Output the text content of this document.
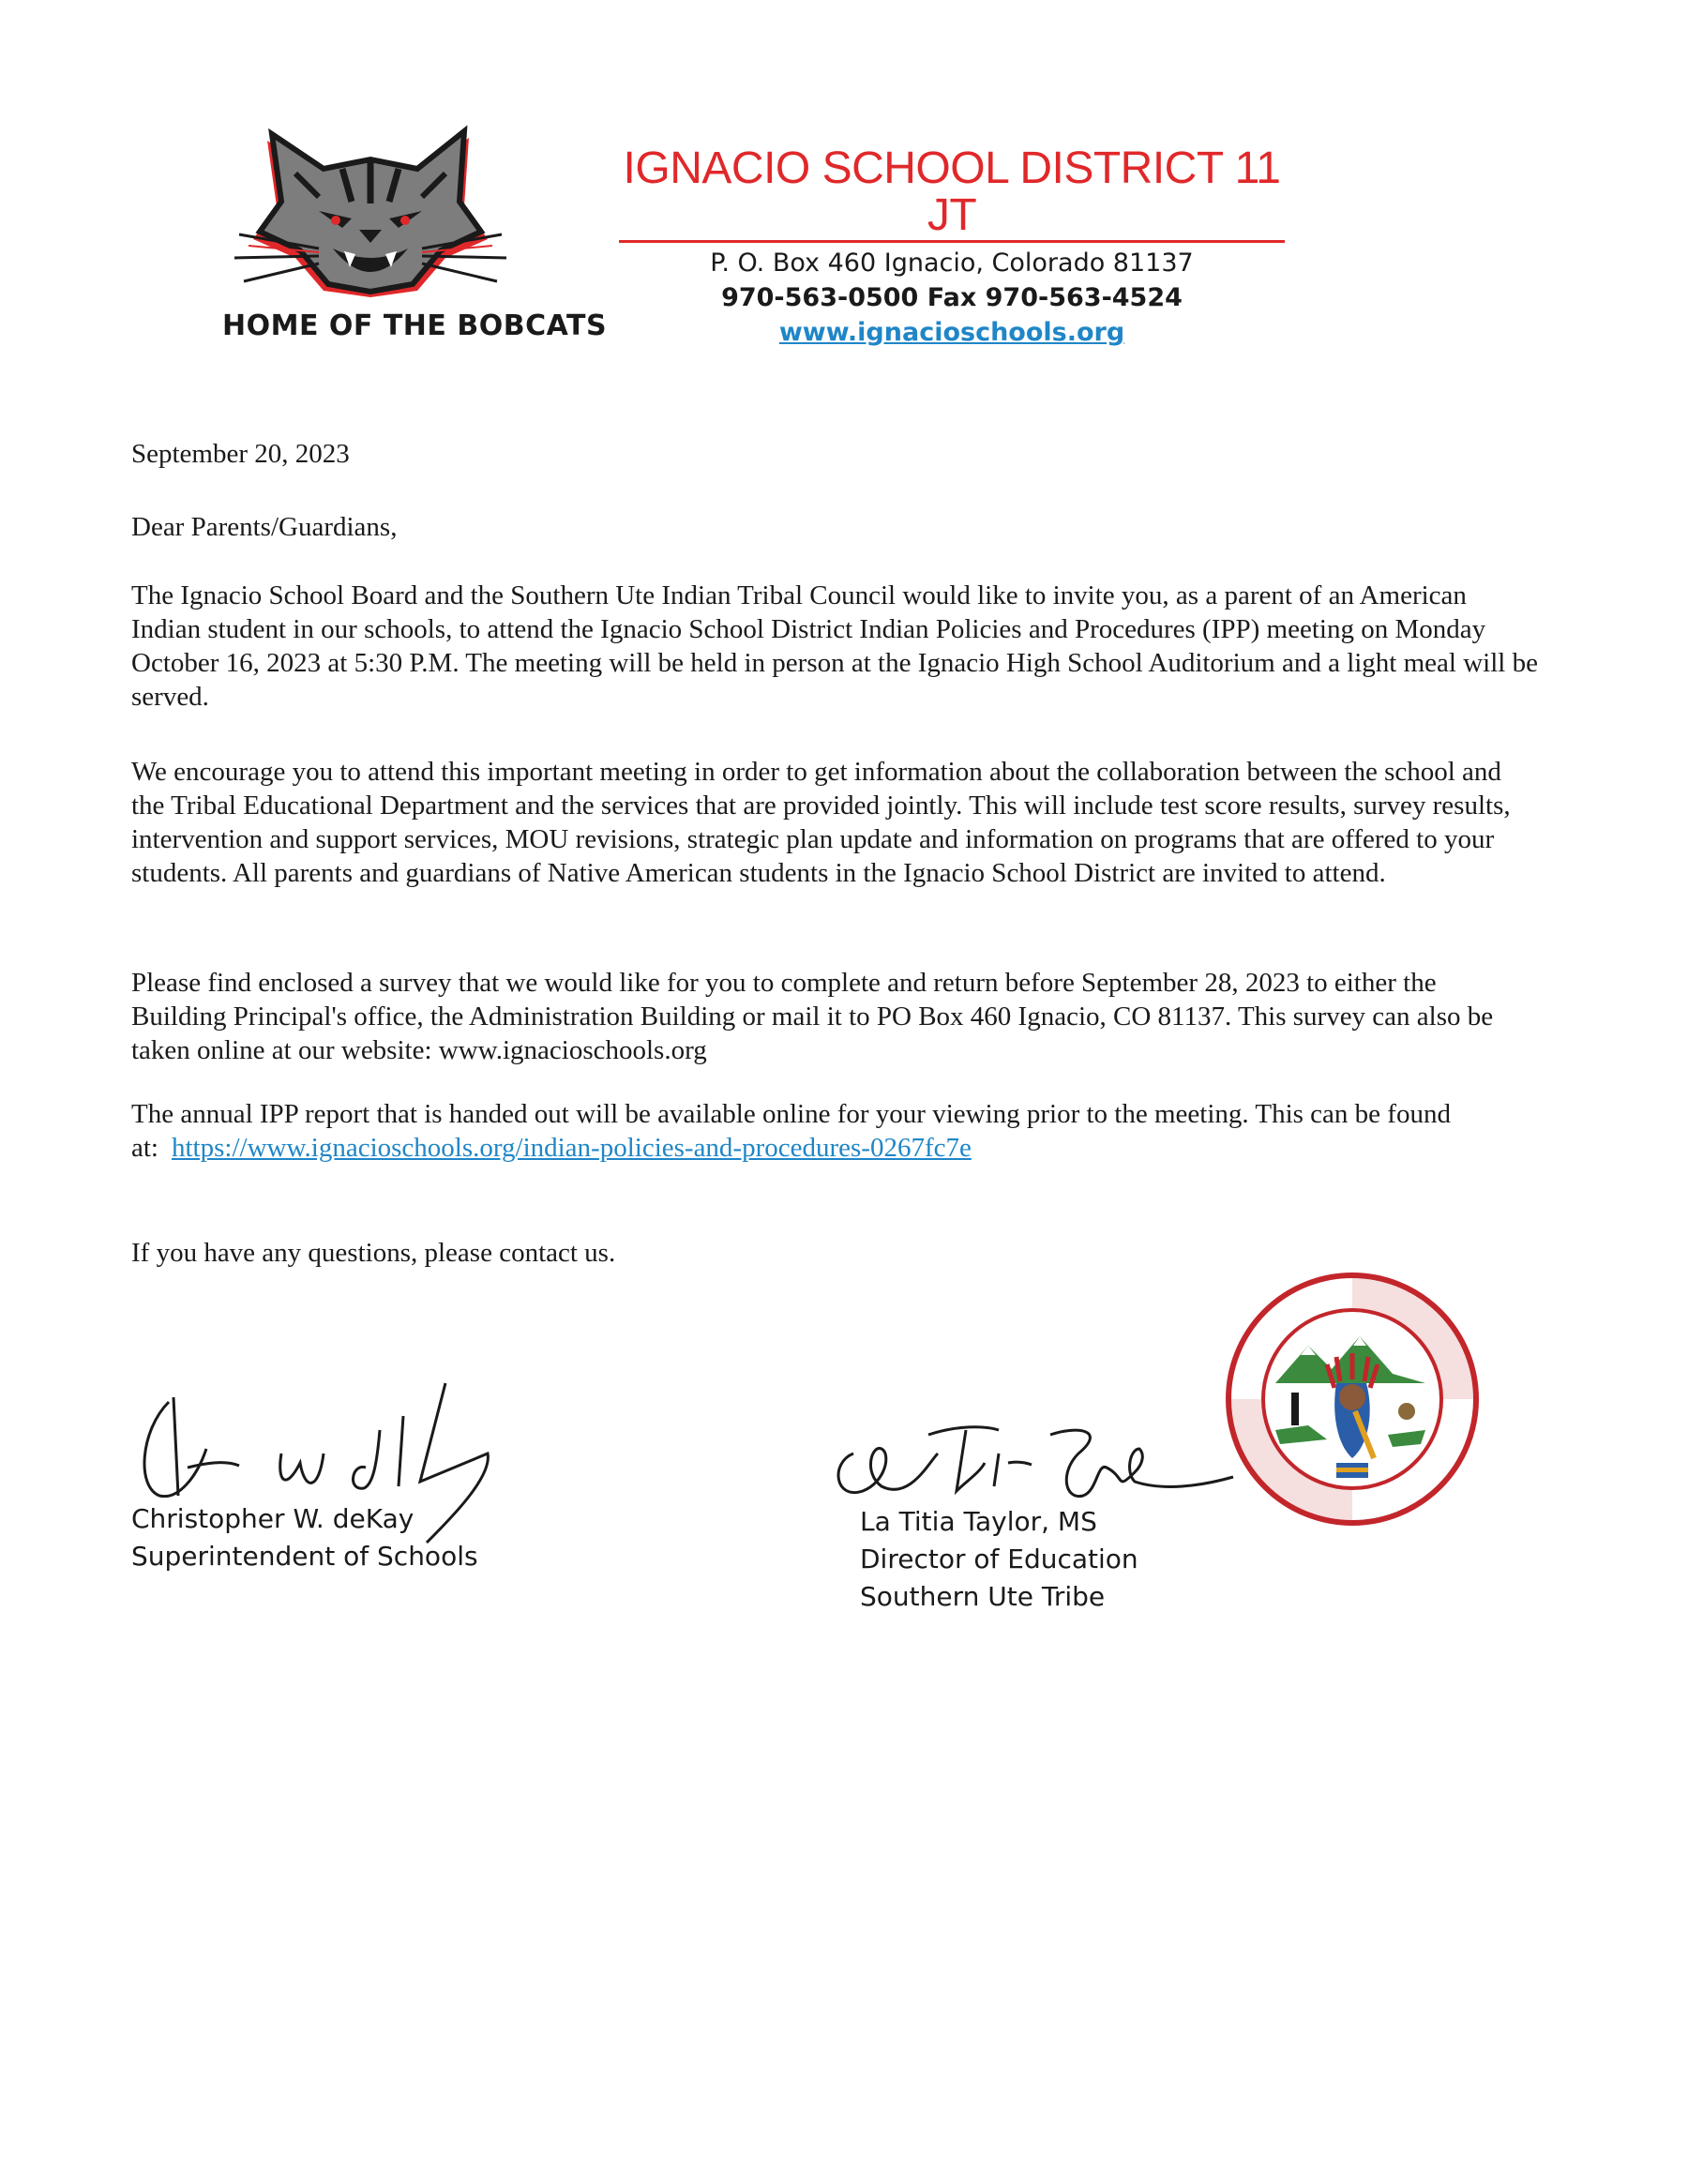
HOME OF THE BOBCATS
IGNACIO SCHOOL DISTRICT 11 JT
P. O. Box 460 Ignacio, Colorado 81137
970-563-0500 Fax 970-563-4524
www.ignacioschools.org
September 20, 2023
Dear Parents/Guardians,
The Ignacio School Board and the Southern Ute Indian Tribal Council would like to invite you, as a parent of an American Indian student in our schools, to attend the Ignacio School District Indian Policies and Procedures (IPP) meeting on Monday October 16, 2023 at 5:30 P.M. The meeting will be held in person at the Ignacio High School Auditorium and a light meal will be served.
We encourage you to attend this important meeting in order to get information about the collaboration between the school and the Tribal Educational Department and the services that are provided jointly. This will include test score results, survey results, intervention and support services, MOU revisions, strategic plan update and information on programs that are offered to your students. All parents and guardians of Native American students in the Ignacio School District are invited to attend.
Please find enclosed a survey that we would like for you to complete and return before September 28, 2023 to either the Building Principal's office, the Administration Building or mail it to PO Box 460 Ignacio, CO 81137. This survey can also be taken online at our website: www.ignacioschools.org
The annual IPP report that is handed out will be available online for your viewing prior to the meeting. This can be found at: https://www.ignacioschools.org/indian-policies-and-procedures-0267fc7e
If you have any questions, please contact us.
Christopher W. deKay
Superintendent of Schools
La Titia Taylor, MS
Director of Education
Southern Ute Tribe
